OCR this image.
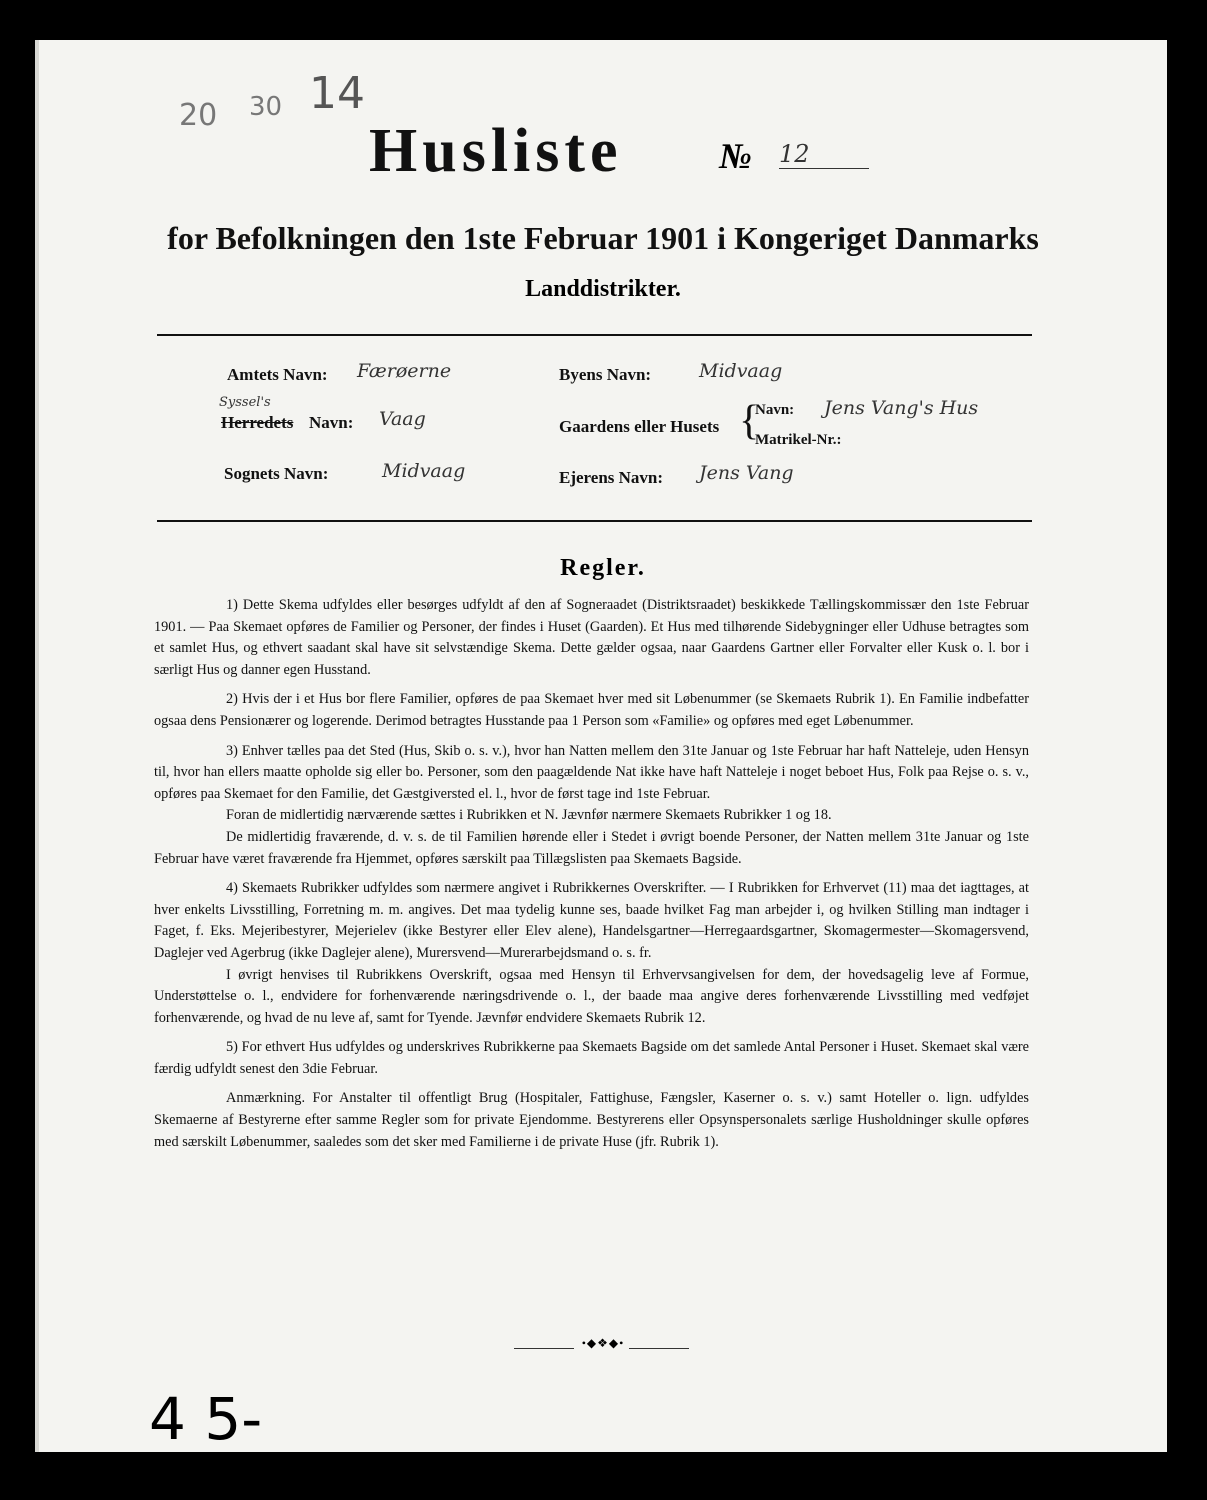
20 30 14
Husliste	№ 12
for Befolkningen den 1ste Februar 1901 i Kongeriget Danmarks
Landdistrikter.
Amtets Navn: Færøerne
Syssel's
Herredets Navn: Vaag
Sognets Navn:	Midvaag
Byens Navn:	Midvaag
Gaardens eller Husets {
Navn: Jens Vang's Hus
Matrikel-Nr.:
Ejerens Navn: Jens Vang
Regler.

1) Dette Skema udfyldes eller besørges udfyldt af den af Sogneraadet (Distriktsraadet) beskikkede Tællingskommissær den 1ste Februar 1901. — Paa Skemaet opføres de Familier og Personer, der findes i Huset (Gaarden). Et Hus med tilhørende Sidebygninger eller Udhuse betragtes som et samlet Hus, og ethvert saadant skal have sit selvstændige Skema. Dette gælder ogsaa, naar Gaardens Gartner eller Forvalter eller Kusk o. l. bor i særligt Hus og danner egen Husstand.

2) Hvis der i et Hus bor flere Familier, opføres de paa Skemaet hver med sit Løbenummer (se Skemaets Rubrik 1). En Familie indbefatter ogsaa dens Pensionærer og logerende. Derimod betragtes Husstande paa 1 Person som «Familie» og opføres med eget Løbenummer.

3) Enhver tælles paa det Sted (Hus, Skib o. s. v.), hvor han Natten mellem den 31te Januar og 1ste Februar har haft Natteleje, uden Hensyn til, hvor han ellers maatte opholde sig eller bo. Personer, som den paagældende Nat ikke have haft Natteleje i noget beboet Hus, Folk paa Rejse o. s. v., opføres paa Skemaet for den Familie, det Gæstgiversted el. l., hvor de først tage ind 1ste Februar.

Foran de midlertidig nærværende sættes i Rubrikken et N. Jævnfør nærmere Skemaets Rubrikker 1 og 18.

De midlertidig fraværende, d. v. s. de til Familien hørende eller i Stedet i øvrigt boende Personer, der Natten mellem 31te Januar og 1ste Februar have været fraværende fra Hjemmet, opføres særskilt paa Tillægslisten paa Skemaets Bagside.

4) Skemaets Rubrikker udfyldes som nærmere angivet i Rubrikkernes Overskrifter. — I Rubrikken for Erhvervet (11) maa det iagttages, at hver enkelts Livsstilling, Forretning m. m. angives. Det maa tydelig kunne ses, baade hvilket Fag man arbejder i, og hvilken Stilling man indtager i Faget, f. Eks. Mejeribestyrer, Mejerielev (ikke Bestyrer eller Elev alene), Handelsgartner—Herregaardsgartner, Skomagermester—Skomagersvend, Daglejer ved Agerbrug (ikke Daglejer alene), Murersvend—Murerarbejdsmand o. s. fr.

I øvrigt henvises til Rubrikkens Overskrift, ogsaa med Hensyn til Erhvervsangivelsen for dem, der hovedsagelig leve af Formue, Understøttelse o. l., endvidere for forhenværende næringsdrivende o. l., der baade maa angive deres forhenværende Livsstilling med vedføjet forhenværende, og hvad de nu leve af, samt for Tyende. Jævnfør endvidere Skemaets Rubrik 12.

5) For ethvert Hus udfyldes og underskrives Rubrikkerne paa Skemaets Bagside om det samlede Antal Personer i Huset. Skemaet skal være færdig udfyldt senest den 3die Februar.

Anmærkning. For Anstalter til offentligt Brug (Hospitaler, Fattighuse, Fængsler, Kaserner o. s. v.) samt Hoteller o. lign. udfyldes Skemaerne af Bestyrerne efter samme Regler som for private Ejendomme. Bestyrerens eller Opsynspersonalets særlige Husholdninger skulle opføres med særskilt Løbenummer, saaledes som det sker med Familierne i de private Huse (jfr. Rubrik 1).

•◆❖◆•
4 5-
